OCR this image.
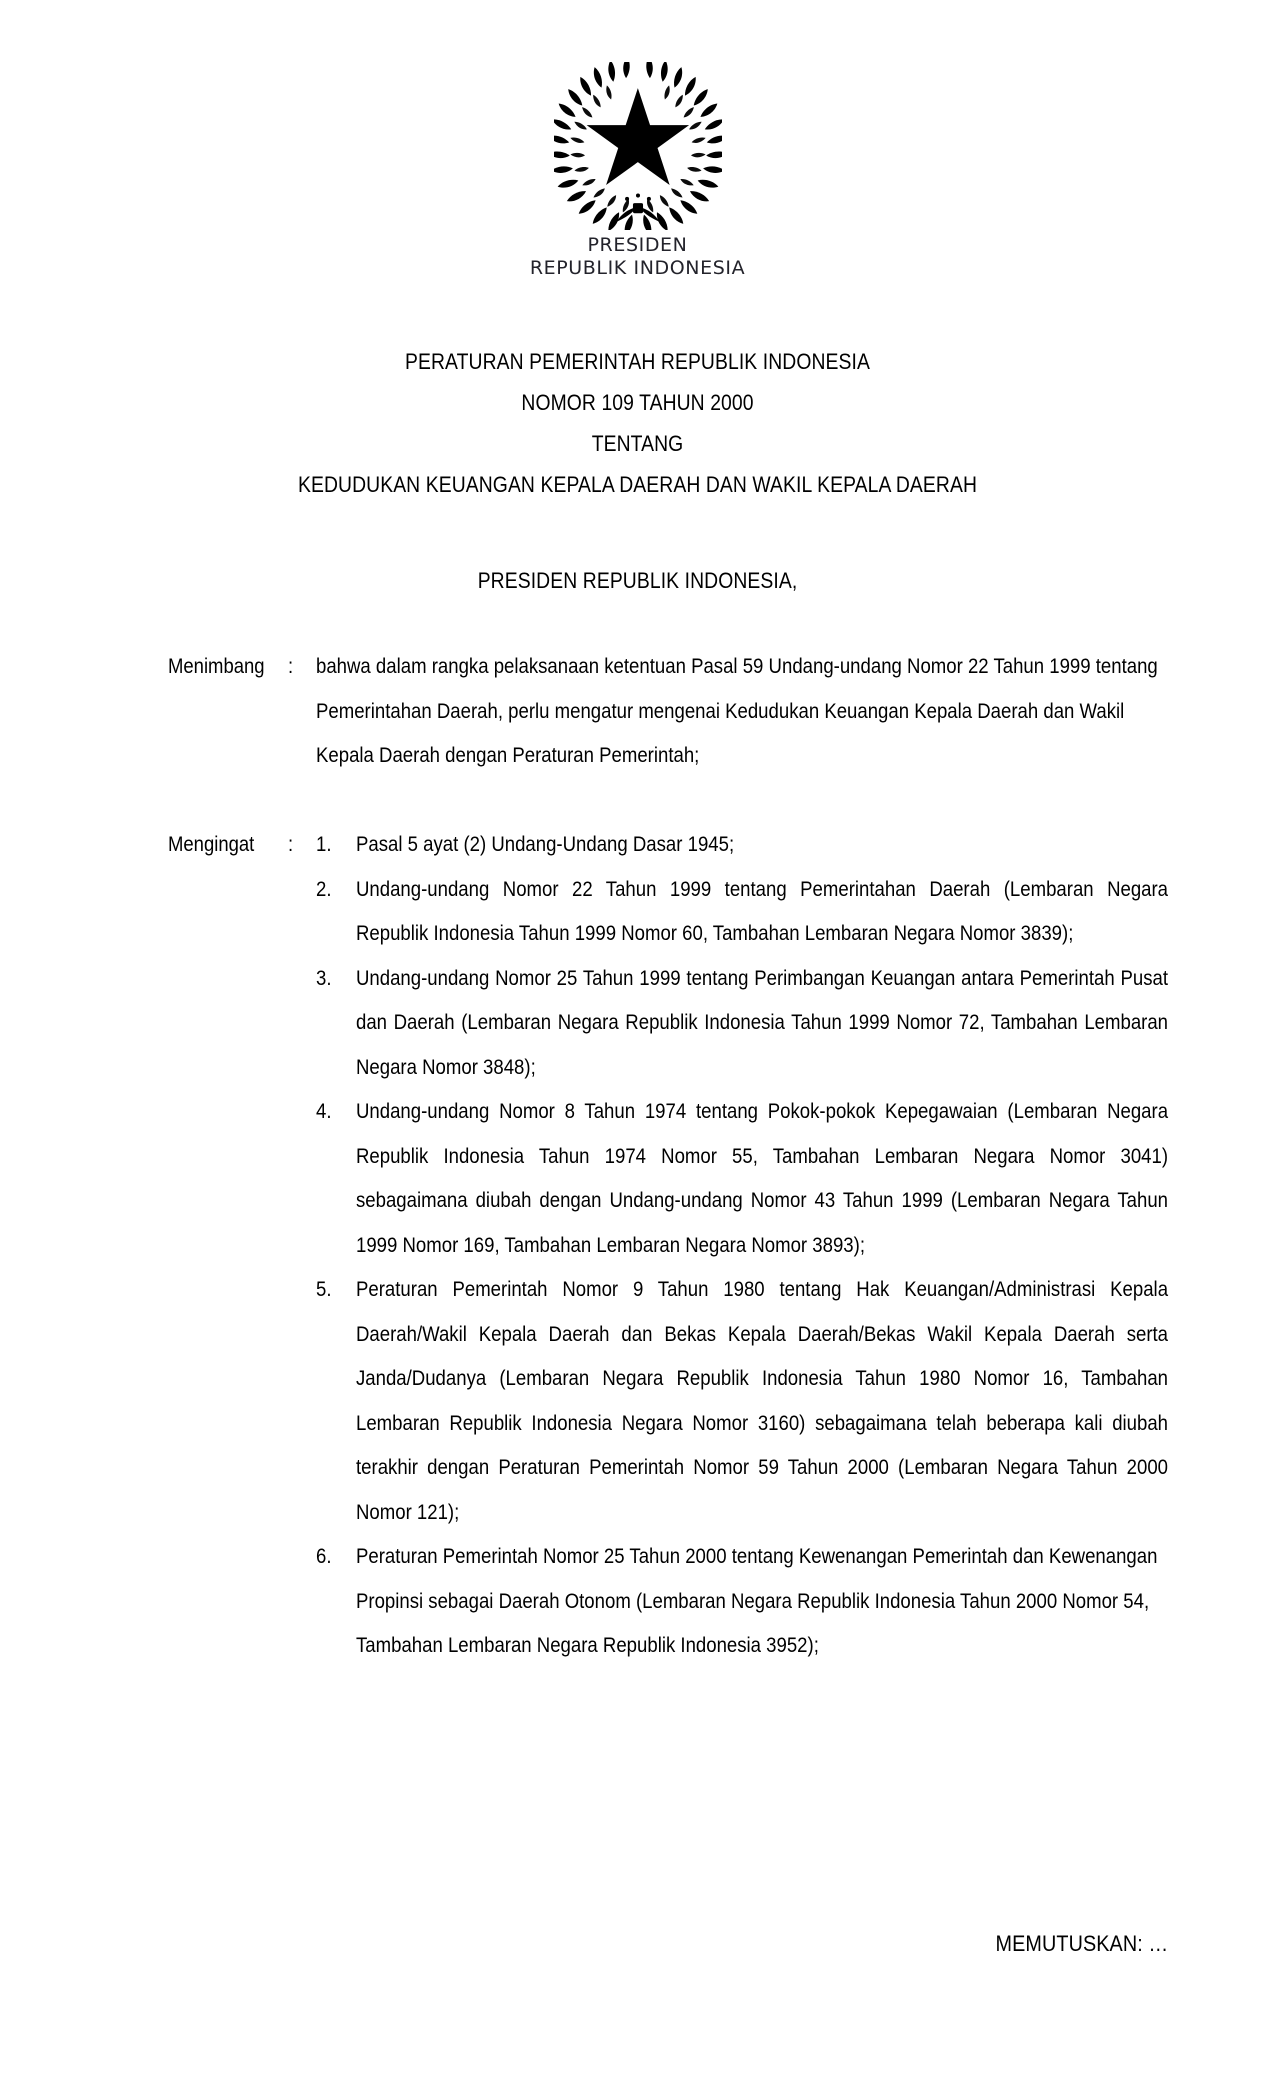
PRESIDEN
REPUBLIK INDONESIA
PERATURAN PEMERINTAH REPUBLIK INDONESIA
NOMOR 109 TAHUN 2000
TENTANG
KEDUDUKAN KEUANGAN KEPALA DAERAH DAN WAKIL KEPALA DAERAH
PRESIDEN REPUBLIK INDONESIA,
Menimbang	:	bahwa dalam rangka pelaksanaan ketentuan Pasal 59 Undang-undang Nomor 22 Tahun 1999 tentang Pemerintahan Daerah, perlu mengatur mengenai Kedudukan Keuangan Kepala Daerah dan Wakil Kepala Daerah dengan Peraturan Pemerintah;
Mengingat	:	1. Pasal 5 ayat (2) Undang-Undang Dasar 1945;
2. Undang-undang Nomor 22 Tahun 1999 tentang Pemerintahan Daerah (Lembaran Negara Republik Indonesia Tahun 1999 Nomor 60, Tambahan Lembaran Negara Nomor 3839);
3. Undang-undang Nomor 25 Tahun 1999 tentang Perimbangan Keuangan antara Pemerintah Pusat dan Daerah (Lembaran Negara Republik Indonesia Tahun 1999 Nomor 72, Tambahan Lembaran Negara Nomor 3848);
4. Undang-undang Nomor 8 Tahun 1974 tentang Pokok-pokok Kepegawaian (Lembaran Negara Republik Indonesia Tahun 1974 Nomor 55, Tambahan Lembaran Negara Nomor 3041) sebagaimana diubah dengan Undang-undang Nomor 43 Tahun 1999 (Lembaran Negara Tahun 1999 Nomor 169, Tambahan Lembaran Negara Nomor 3893);
5. Peraturan Pemerintah Nomor 9 Tahun 1980 tentang Hak Keuangan/Administrasi Kepala Daerah/Wakil Kepala Daerah dan Bekas Kepala Daerah/Bekas Wakil Kepala Daerah serta Janda/Dudanya (Lembaran Negara Republik Indonesia Tahun 1980 Nomor 16, Tambahan Lembaran Republik Indonesia Negara Nomor 3160) sebagaimana telah beberapa kali diubah terakhir dengan Peraturan Pemerintah Nomor 59 Tahun 2000 (Lembaran Negara Tahun 2000 Nomor 121);
6. Peraturan Pemerintah Nomor 25 Tahun 2000 tentang Kewenangan Pemerintah dan Kewenangan Propinsi sebagai Daerah Otonom (Lembaran Negara Republik Indonesia Tahun 2000 Nomor 54, Tambahan Lembaran Negara Republik Indonesia 3952);
MEMUTUSKAN: …
